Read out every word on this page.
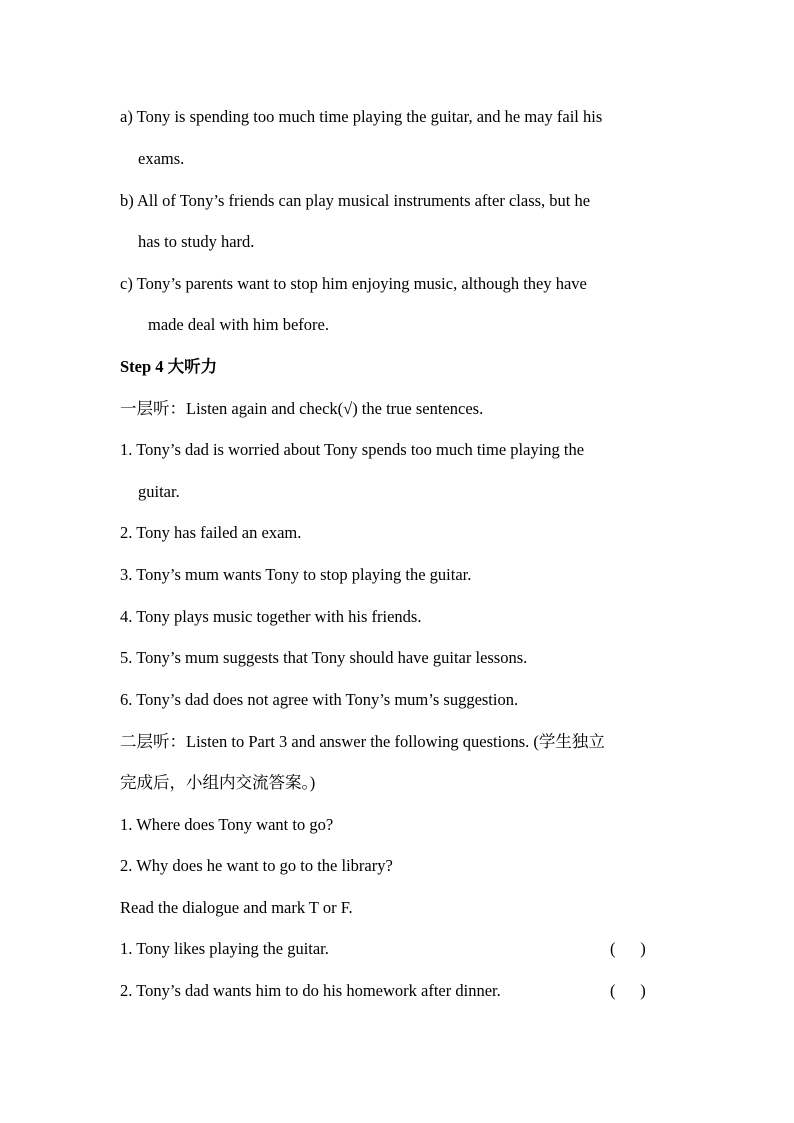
a) Tony is spending too much time playing the guitar, and he may fail his
exams.
b) All of Tony’s friends can play musical instruments after class, but he
has to study hard.
c) Tony’s parents want to stop him enjoying music, although they have
made deal with him before.
Step 4 大听力
一层听：Listen again and check(√) the true sentences.
1. Tony’s dad is worried about Tony spends too much time playing the
guitar.
2. Tony has failed an exam.
3. Tony’s mum wants Tony to stop playing the guitar.
4. Tony plays music together with his friends.
5. Tony’s mum suggests that Tony should have guitar lessons.
6. Tony’s dad does not agree with Tony’s mum’s suggestion.
二层听：Listen to Part 3 and answer the following questions. (学生独立
完成后，小组内交流答案。)
1. Where does Tony want to go?
2. Why does he want to go to the library?
Read the dialogue and mark T or F.
1. Tony likes playing the guitar.	(      )
2. Tony’s dad wants him to do his homework after dinner.	(      )
